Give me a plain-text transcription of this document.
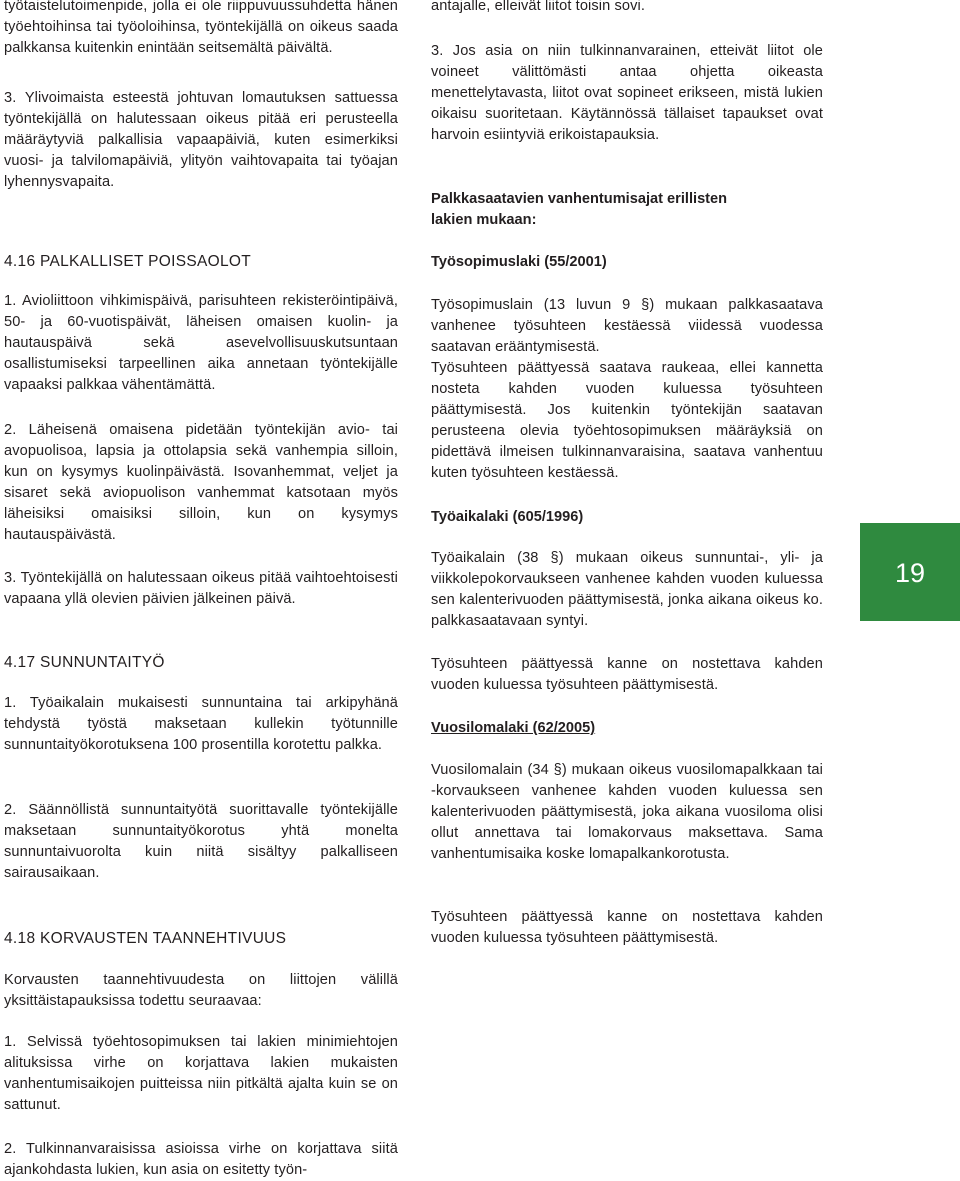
työtaistelutoimenpide, jolla ei ole riippuvuussuhdetta hänen työehtoihinsa tai työoloihinsa, työntekijällä on oikeus saada palkkansa kuitenkin enintään seitsemältä päivältä.

3. Ylivoimaista esteestä johtuvan lomautuksen sattuessa työntekijällä on halutessaan oikeus pitää eri perusteella määräytyviä palkallisia vapaapäiviä, kuten esimerkiksi vuosi- ja talvilomapäiviä, ylityön vaihtovapaita tai työajan lyhennysvapaita.

4.16 PALKALLISET POISSAOLOT

1. Avioliittoon vihkimispäivä, parisuhteen rekisteröintipäivä, 50- ja 60-vuotispäivät, läheisen omaisen kuolin- ja hautauspäivä sekä asevelvollisuuskutsuntaan osallistumiseksi tarpeellinen aika annetaan työntekijälle vapaaksi palkkaa vähentämättä.

2. Läheisenä omaisena pidetään työntekijän avio- tai avopuolisoa, lapsia ja ottolapsia sekä vanhempia silloin, kun on kysymys kuolinpäivästä. Isovanhemmat, veljet ja sisaret sekä aviopuolison vanhemmat katsotaan myös läheisiksi omaisiksi silloin, kun on kysymys hautauspäivästä.

3. Työntekijällä on halutessaan oikeus pitää vaihtoehtoisesti vapaana yllä olevien päivien jälkeinen päivä.

4.17 SUNNUNTAITYÖ

1. Työaikalain mukaisesti sunnuntaina tai arkipyhänä tehdystä työstä maksetaan kullekin työtunnille sunnuntaityökorotuksena 100 prosentilla korotettu palkka.

2. Säännöllistä sunnuntaityötä suorittavalle työntekijälle maksetaan sunnuntaityökorotus yhtä monelta sunnuntaivuorolta kuin niitä sisältyy palkalliseen sairausaikaan.

4.18 KORVAUSTEN TAANNEHTIVUUS

Korvausten taannehtivuudesta on liittojen välillä yksittäistapauksissa todettu seuraavaa:

1. Selvissä työehtosopimuksen tai lakien minimiehtojen alituksissa virhe on korjattava lakien mukaisten vanhentumisaikojen puitteissa niin pitkältä ajalta kuin se on sattunut.

2. Tulkinnanvaraisissa asioissa virhe on korjattava siitä ajankohdasta lukien, kun asia on esitetty työn-

antajalle, elleivät liitot toisin sovi.

3. Jos asia on niin tulkinnanvarainen, etteivät liitot ole voineet välittömästi antaa ohjetta oikeasta menettelytavasta, liitot ovat sopineet erikseen, mistä lukien oikaisu suoritetaan. Käytännössä tällaiset tapaukset ovat harvoin esiintyviä erikoistapauksia.

Palkkasaatavien vanhentumisajat erillisten lakien mukaan:

Työsopimuslaki (55/2001)

Työsopimuslain (13 luvun 9 §) mukaan palkkasaatava vanhenee työsuhteen kestäessä viidessä vuodessa saatavan erääntymisestä.

Työsuhteen päättyessä saatava raukeaa, ellei kannetta nosteta kahden vuoden kuluessa työsuhteen päättymisestä. Jos kuitenkin työntekijän saatavan perusteena olevia työehtosopimuksen määräyksiä on pidettävä ilmeisen tulkinnanvaraisina, saatava vanhentuu kuten työsuhteen kestäessä.

Työaikalaki (605/1996)

Työaikalain (38 §) mukaan oikeus sunnuntai-, yli- ja viikkolepokorvaukseen vanhenee kahden vuoden kuluessa sen kalenterivuoden päättymisestä, jonka aikana oikeus ko. palkkasaatavaan syntyi.

Työsuhteen päättyessä kanne on nostettava kahden vuoden kuluessa työsuhteen päättymisestä.

Vuosilomalaki (62/2005)

Vuosilomalain (34 §) mukaan oikeus vuosilomapalkkaan tai -korvaukseen vanhenee kahden vuoden kuluessa sen kalenterivuoden päättymisestä, joka aikana vuosiloma olisi ollut annettava tai lomakorvaus maksettava. Sama vanhentumisaika koske lomapalkankorotusta.

Työsuhteen päättyessä kanne on nostettava kahden vuoden kuluessa työsuhteen päättymisestä.

19
